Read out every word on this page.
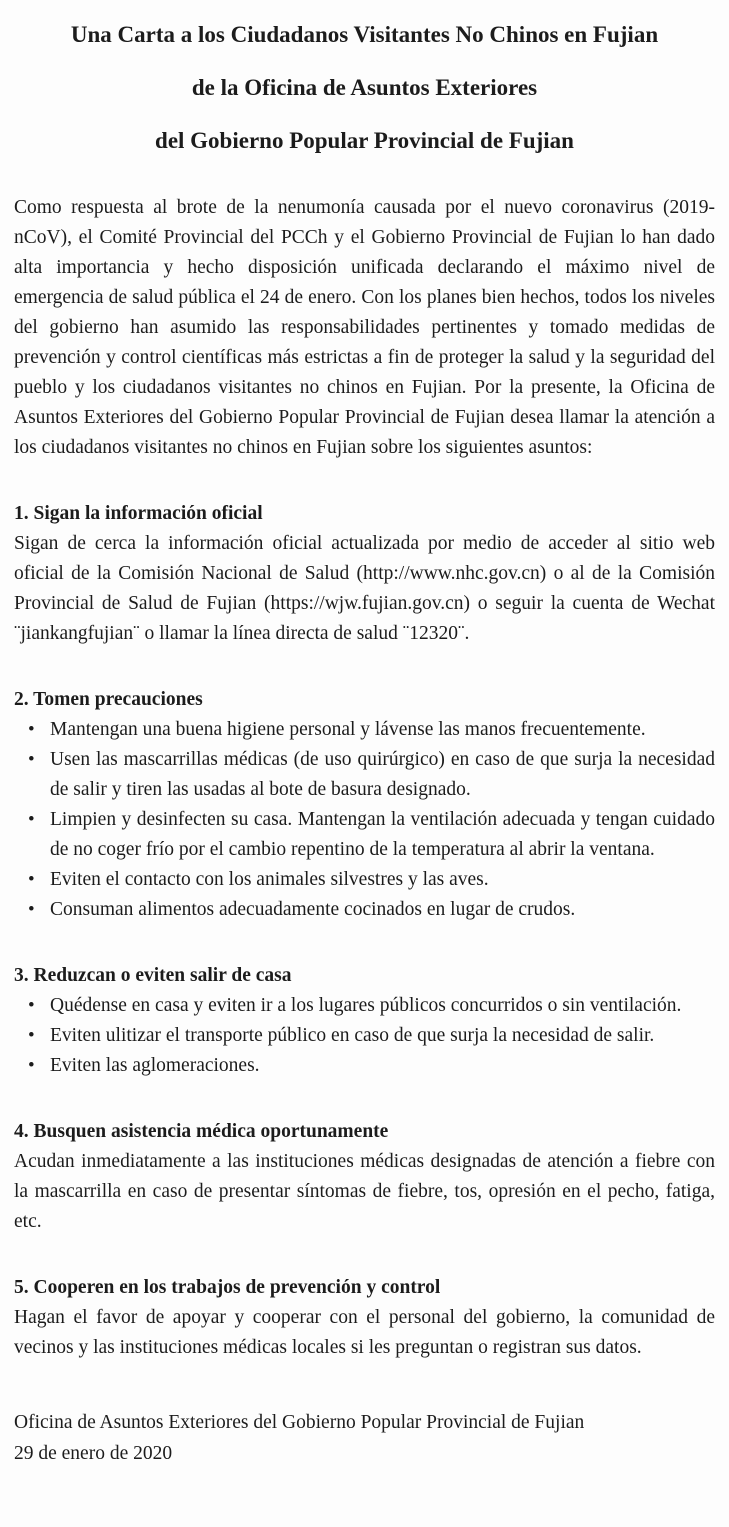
Una Carta a los Ciudadanos Visitantes No Chinos en Fujian
de la Oficina de Asuntos Exteriores
del Gobierno Popular Provincial de Fujian

Como respuesta al brote de la nenumonía causada por el nuevo coronavirus (2019-nCoV), el Comité Provincial del PCCh y el Gobierno Provincial de Fujian lo han dado alta importancia y hecho disposición unificada declarando el máximo nivel de emergencia de salud pública el 24 de enero. Con los planes bien hechos, todos los niveles del gobierno han asumido las responsabilidades pertinentes y tomado medidas de prevención y control científicas más estrictas a fin de proteger la salud y la seguridad del pueblo y los ciudadanos visitantes no chinos en Fujian. Por la presente, la Oficina de Asuntos Exteriores del Gobierno Popular Provincial de Fujian desea llamar la atención a los ciudadanos visitantes no chinos en Fujian sobre los siguientes asuntos:

1. Sigan la información oficial

Sigan de cerca la información oficial actualizada por medio de acceder al sitio web oficial de la Comisión Nacional de Salud (http://www.nhc.gov.cn) o al de la Comisión Provincial de Salud de Fujian (https://wjw.fujian.gov.cn) o seguir la cuenta de Wechat ¨jiankangfujian¨ o llamar la línea directa de salud ¨12320¨.

2. Tomen precauciones
• Mantengan una buena higiene personal y lávense las manos frecuentemente.
• Usen las mascarrillas médicas (de uso quirúrgico) en caso de que surja la necesidad de salir y tiren las usadas al bote de basura designado.
• Limpien y desinfecten su casa. Mantengan la ventilación adecuada y tengan cuidado de no coger frío por el cambio repentino de la temperatura al abrir la ventana.
• Eviten el contacto con los animales silvestres y las aves.
• Consuman alimentos adecuadamente cocinados en lugar de crudos.
3. Reduzcan o eviten salir de casa
• Quédense en casa y eviten ir a los lugares públicos concurridos o sin ventilación.
• Eviten ulitizar el transporte público en caso de que surja la necesidad de salir.
• Eviten las aglomeraciones.
4. Busquen asistencia médica oportunamente

Acudan inmediatamente a las instituciones médicas designadas de atención a fiebre con la mascarrilla en caso de presentar síntomas de fiebre, tos, opresión en el pecho, fatiga, etc.

5. Cooperen en los trabajos de prevención y control

Hagan el favor de apoyar y cooperar con el personal del gobierno, la comunidad de vecinos y las instituciones médicas locales si les preguntan o registran sus datos.

Oficina de Asuntos Exteriores del Gobierno Popular Provincial de Fujian
29 de enero de 2020
